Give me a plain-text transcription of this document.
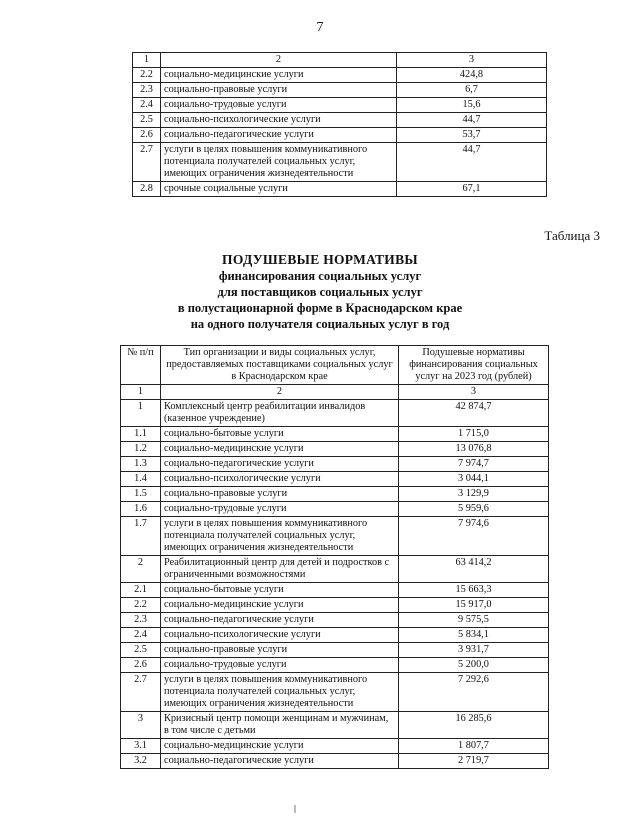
7
1	2	3
2.2	социально-медицинские услуги	424,8
2.3	социально-правовые услуги	6,7
2.4	социально-трудовые услуги	15,6
2.5	социально-психологические услуги	44,7
2.6	социально-педагогические услуги	53,7
2.7	услуги в целях повышения коммуникативного потенциала получателей социальных услуг, имеющих ограничения жизнедеятельности	44,7
2.8	срочные социальные услуги	67,1
Таблица 3
ПОДУШЕВЫЕ НОРМАТИВЫ
финансирования социальных услуг
для поставщиков социальных услуг
в полустационарной форме в Краснодарском крае
на одного получателя социальных услуг в год
№ п/п	Тип организации и виды социальных услуг, предоставляемых поставщиками социальных услуг в Краснодарском крае	Подушевые нормативы финансирования социальных услуг на 2023 год (рублей)
1	2	3
1	Комплексный центр реабилитации инвалидов (казенное учреждение)	42 874,7
1.1	социально-бытовые услуги	1 715,0
1.2	социально-медицинские услуги	13 076,8
1.3	социально-педагогические услуги	7 974,7
1.4	социально-психологические услуги	3 044,1
1.5	социально-правовые услуги	3 129,9
1.6	социально-трудовые услуги	5 959,6
1.7	услуги в целях повышения коммуникативного потенциала получателей социальных услуг, имеющих ограничения жизнедеятельности	7 974,6
2	Реабилитационный центр для детей и подростков с ограниченными возможностями	63 414,2
2.1	социально-бытовые услуги	15 663,3
2.2	социально-медицинские услуги	15 917,0
2.3	социально-педагогические услуги	9 575,5
2.4	социально-психологические услуги	5 834,1
2.5	социально-правовые услуги	3 931,7
2.6	социально-трудовые услуги	5 200,0
2.7	услуги в целях повышения коммуникативного потенциала получателей социальных услуг, имеющих ограничения жизнедеятельности	7 292,6
3	Кризисный центр помощи женщинам и мужчинам, в том числе с детьми	16 285,6
3.1	социально-медицинские услуги	1 807,7
3.2	социально-педагогические услуги	2 719,7
